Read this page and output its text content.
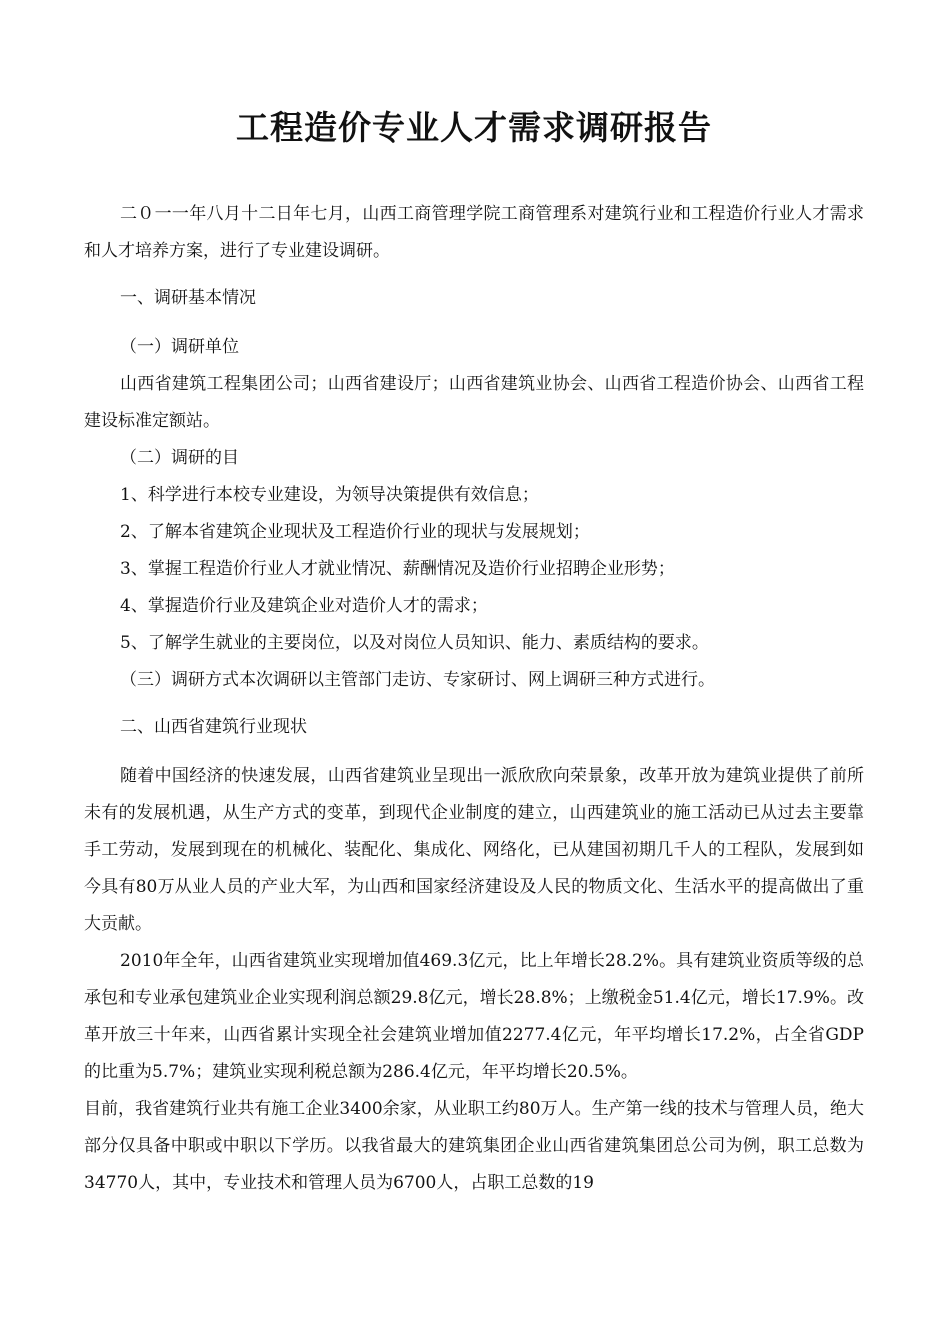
工程造价专业人才需求调研报告

二０一一年八月十二日年七月，山西工商管理学院工商管理系对建筑行业和工程造价行业人才需求和人才培养方案，进行了专业建设调研。

一、调研基本情况

（一）调研单位

山西省建筑工程集团公司；山西省建设厅；山西省建筑业协会、山西省工程造价协会、山西省工程建设标准定额站。

（二）调研的目

1、科学进行本校专业建设，为领导决策提供有效信息；

2、了解本省建筑企业现状及工程造价行业的现状与发展规划；

3、掌握工程造价行业人才就业情况、薪酬情况及造价行业招聘企业形势；

4、掌握造价行业及建筑企业对造价人才的需求；

5、了解学生就业的主要岗位，以及对岗位人员知识、能力、素质结构的要求。

（三）调研方式本次调研以主管部门走访、专家研讨、网上调研三种方式进行。

二、山西省建筑行业现状

随着中国经济的快速发展，山西省建筑业呈现出一派欣欣向荣景象，改革开放为建筑业提供了前所未有的发展机遇，从生产方式的变革，到现代企业制度的建立，山西建筑业的施工活动已从过去主要靠手工劳动，发展到现在的机械化、装配化、集成化、网络化，已从建国初期几千人的工程队，发展到如今具有80万从业人员的产业大军，为山西和国家经济建设及人民的物质文化、生活水平的提高做出了重大贡献。

2010年全年，山西省建筑业实现增加值469.3亿元，比上年增长28.2%。具有建筑业资质等级的总承包和专业承包建筑业企业实现利润总额29.8亿元，增长28.8%；上缴税金51.4亿元，增长17.9%。改革开放三十年来，山西省累计实现全社会建筑业增加值2277.4亿元，年平均增长17.2%，占全省GDP的比重为5.7%；建筑业实现利税总额为286.4亿元，年平均增长20.5%。

目前，我省建筑行业共有施工企业3400余家，从业职工约80万人。生产第一线的技术与管理人员，绝大部分仅具备中职或中职以下学历。以我省最大的建筑集团企业山西省建筑集团总公司为例，职工总数为34770人，其中，专业技术和管理人员为6700人，占职工总数的19
